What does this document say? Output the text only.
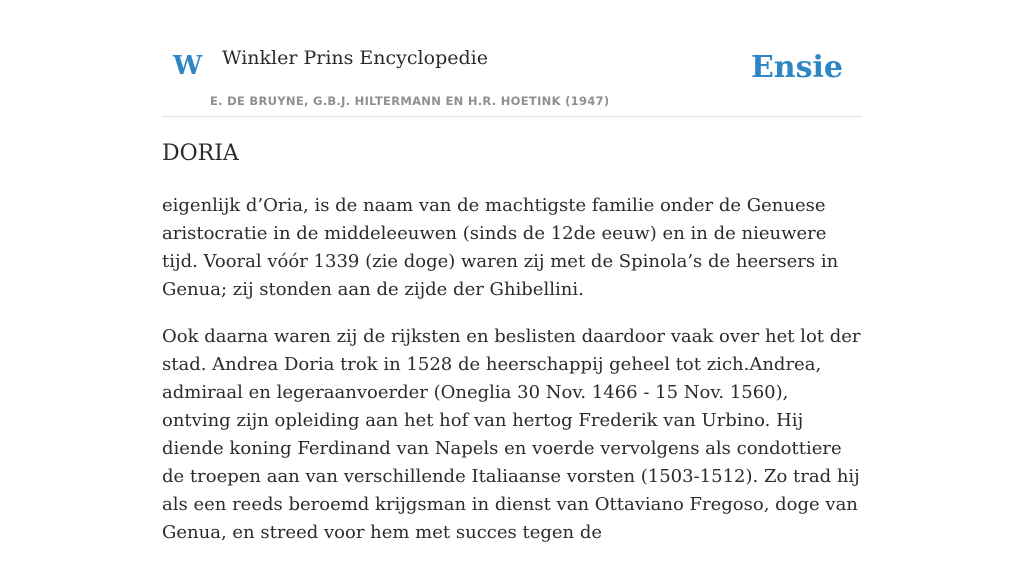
W Winkler Prins Encyclopedie	Ensie
E. DE BRUYNE, G.B.J. HILTERMANN EN H.R. HOETINK (1947)
DORIA

eigenlijk d’Oria, is de naam van de machtigste familie onder de Genuese aristocratie in de middeleeuwen (sinds de 12de eeuw) en in de nieuwere tijd. Vooral vóór 1339 (zie doge) waren zij met de Spinola’s de heersers in Genua; zij stonden aan de zijde der Ghibellini.

Ook daarna waren zij de rijksten en beslisten daardoor vaak over het lot der stad. Andrea Doria trok in 1528 de heerschappij geheel tot zich.Andrea, admiraal en legeraanvoerder (Oneglia 30 Nov. 1466 - 15 Nov. 1560), ontving zijn opleiding aan het hof van hertog Frederik van Urbino. Hij diende koning Ferdinand van Napels en voerde vervolgens als condottiere de troepen aan van verschillende Italiaanse vorsten (1503-1512). Zo trad hij als een reeds beroemd krijgsman in dienst van Ottaviano Fregoso, doge van Genua, en streed voor hem met succes tegen de
